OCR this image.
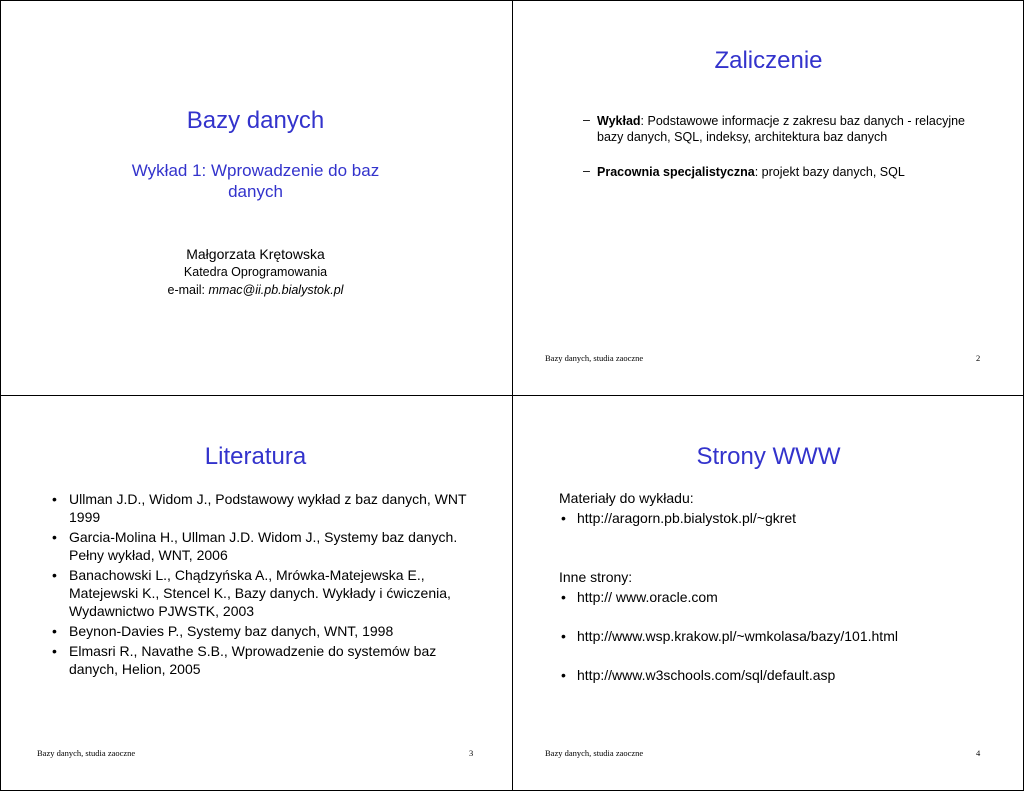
Bazy danych
Wykład 1: Wprowadzenie do baz
danych
Małgorzata Krętowska
Katedra Oprogramowania
e-mail: mmac@ii.pb.bialystok.pl
Zaliczenie
– Wykład: Podstawowe informacje z zakresu baz danych - relacyjne
bazy danych, SQL, indeksy, architektura baz danych
– Pracownia specjalistyczna: projekt bazy danych, SQL
Bazy danych, studia zaoczne	2
Literatura
• Ullman J.D., Widom J., Podstawowy wykład z baz danych, WNT
1999
• Garcia-Molina H., Ullman J.D. Widom J., Systemy baz danych.
Pełny wykład, WNT, 2006
• Banachowski L., Chądzyńska A., Mrówka-Matejewska E.,
Matejewski K., Stencel K., Bazy danych. Wykłady i ćwiczenia,
Wydawnictwo PJWSTK, 2003
• Beynon-Davies P., Systemy baz danych, WNT, 1998
• Elmasri R., Navathe S.B., Wprowadzenie do systemów baz
danych, Helion, 2005
Bazy danych, studia zaoczne	3
Strony WWW
Materiały do wykładu:
• http://aragorn.pb.bialystok.pl/~gkret
Inne strony:
• http:// www.oracle.com
• http://www.wsp.krakow.pl/~wmkolasa/bazy/101.html
• http://www.w3schools.com/sql/default.asp
Bazy danych, studia zaoczne	4
